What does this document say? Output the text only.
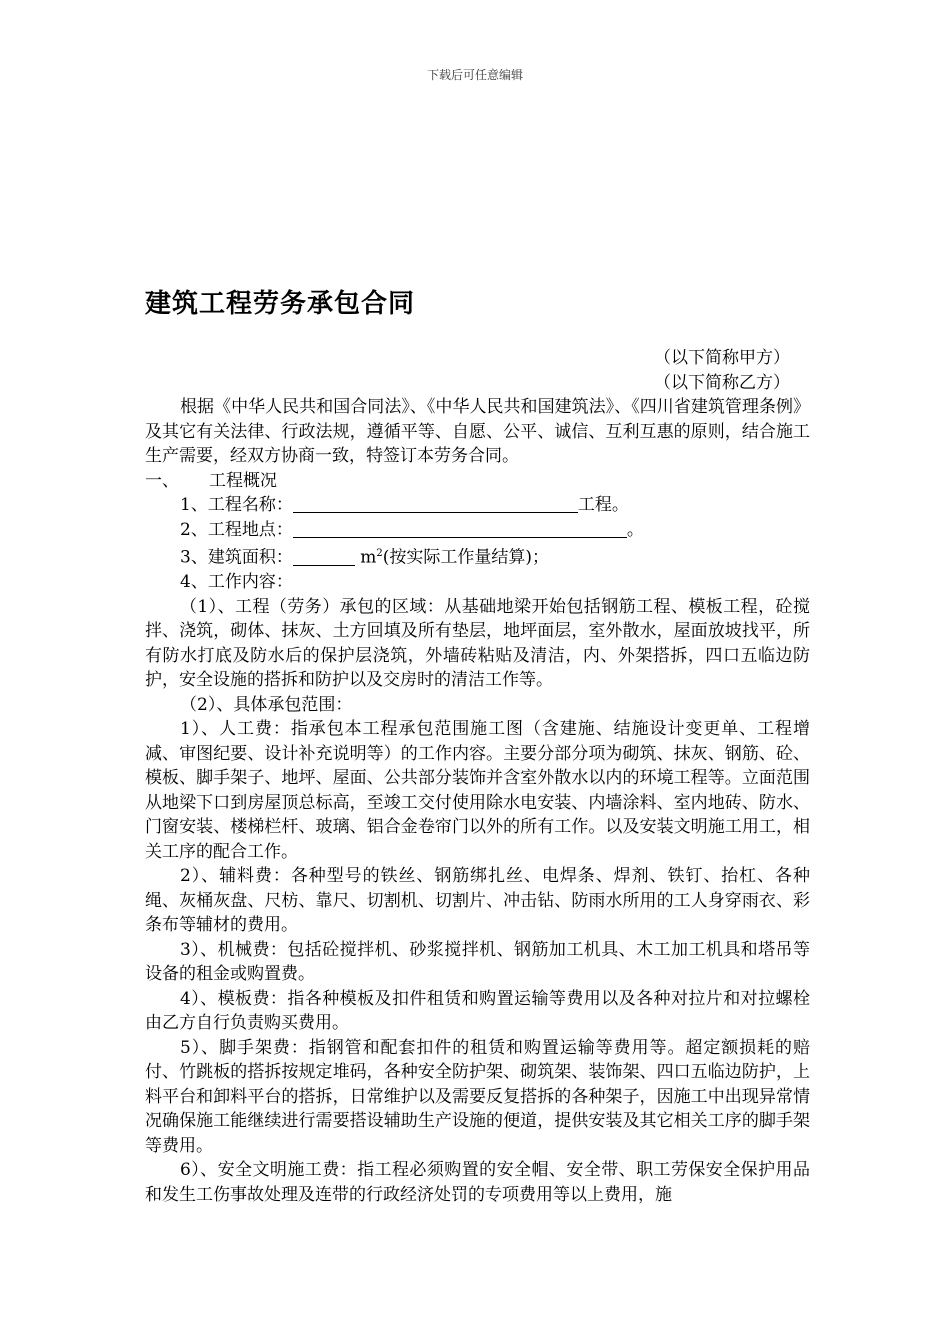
下载后可任意编辑
建筑工程劳务承包合同

（以下简称甲方）

（以下简称乙方）

根据《中华人民共和国合同法》、《中华人民共和国建筑法》、《四川省建筑管理条例》及其它有关法律、行政法规，遵循平等、自愿、公平、诚信、互利互惠的原则，结合施工生产需要，经双方协商一致，特签订本劳务合同。

一、 工程概况

1、工程名称：	工程。

2、工程地点：	。

3、建筑面积：	$m^2$(按实际工作量结算)；

4、工作内容：

（1）、工程（劳务）承包的区域：从基础地梁开始包括钢筋工程、模板工程，砼搅拌、浇筑，砌体、抹灰、土方回填及所有垫层，地坪面层，室外散水，屋面放坡找平，所有防水打底及防水后的保护层浇筑，外墙砖粘贴及清洁，内、外架搭拆，四口五临边防护，安全设施的搭拆和防护以及交房时的清洁工作等。

（2）、具体承包范围：

1）、人工费：指承包本工程承包范围施工图（含建施、结施设计变更单、工程增减、审图纪要、设计补充说明等）的工作内容。主要分部分项为砌筑、抹灰、钢筋、砼、模板、脚手架子、地坪、屋面、公共部分装饰并含室外散水以内的环境工程等。立面范围从地梁下口到房屋顶总标高，至竣工交付使用除水电安装、内墙涂料、室内地砖、防水、门窗安装、楼梯栏杆、玻璃、铝合金卷帘门以外的所有工作。以及安装文明施工用工，相关工序的配合工作。

2）、辅料费：各种型号的铁丝、钢筋绑扎丝、电焊条、焊剂、铁钉、抬杠、各种绳、灰桶灰盘、尺枋、靠尺、切割机、切割片、冲击钻、防雨水所用的工人身穿雨衣、彩条布等辅材的费用。

3）、机械费：包括砼搅拌机、砂浆搅拌机、钢筋加工机具、木工加工机具和塔吊等设备的租金或购置费。

4）、模板费：指各种模板及扣件租赁和购置运输等费用以及各种对拉片和对拉螺栓由乙方自行负责购买费用。

5）、脚手架费：指钢管和配套扣件的租赁和购置运输等费用等。超定额损耗的赔付、竹跳板的搭拆按规定堆码，各种安全防护架、砌筑架、装饰架、四口五临边防护，上料平台和卸料平台的搭拆，日常维护以及需要反复搭拆的各种架子，因施工中出现异常情况确保施工能继续进行需要搭设辅助生产设施的便道，提供安装及其它相关工序的脚手架等费用。

6）、安全文明施工费：指工程必须购置的安全帽、安全带、职工劳保安全保护用品和发生工伤事故处理及连带的行政经济处罚的专项费用等以上费用，施
